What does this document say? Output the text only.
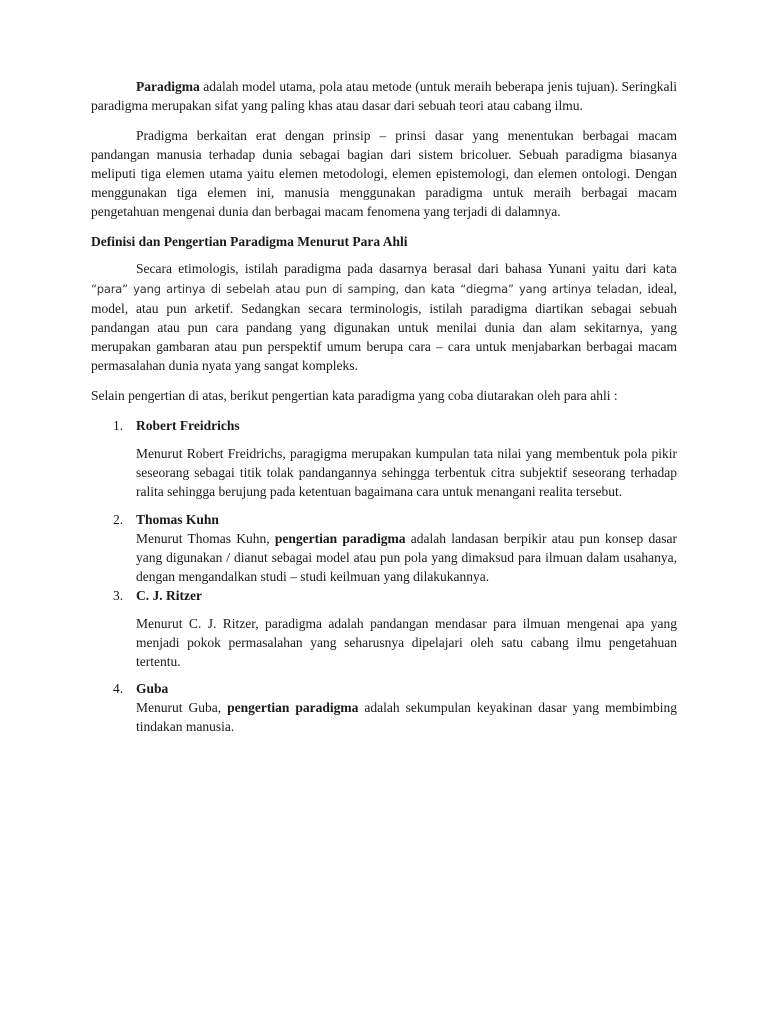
Paradigma adalah model utama, pola atau metode (untuk meraih beberapa jenis tujuan). Seringkali paradigma merupakan sifat yang paling khas atau dasar dari sebuah teori atau cabang ilmu.

Pradigma berkaitan erat dengan prinsip – prinsi dasar yang menentukan berbagai macam pandangan manusia terhadap dunia sebagai bagian dari sistem bricoluer. Sebuah paradigma biasanya meliputi tiga elemen utama yaitu elemen metodologi, elemen epistemologi, dan elemen ontologi. Dengan menggunakan tiga elemen ini, manusia menggunakan paradigma untuk meraih berbagai macam pengetahuan mengenai dunia dan berbagai macam fenomena yang terjadi di dalamnya.

Definisi dan Pengertian Paradigma Menurut Para Ahli

Secara etimologis, istilah paradigma pada dasarnya berasal dari bahasa Yunani yaitu dari kata “para” yang artinya di sebelah atau pun di samping, dan kata “diegma” yang artinya teladan, ideal, model, atau pun arketif. Sedangkan secara terminologis, istilah paradigma diartikan sebagai sebuah pandangan atau pun cara pandang yang digunakan untuk menilai dunia dan alam sekitarnya, yang merupakan gambaran atau pun perspektif umum berupa cara – cara untuk menjabarkan berbagai macam permasalahan dunia nyata yang sangat kompleks.

Selain pengertian di atas, berikut pengertian kata paradigma yang coba diutarakan oleh para ahli :

1. Robert Freidrichs

Menurut Robert Freidrichs, paragigma merupakan kumpulan tata nilai yang membentuk pola pikir seseorang sebagai titik tolak pandangannya sehingga terbentuk citra subjektif seseorang terhadap ralita sehingga berujung pada ketentuan bagaimana cara untuk menangani realita tersebut.

2. Thomas Kuhn

Menurut Thomas Kuhn, pengertian paradigma adalah landasan berpikir atau pun konsep dasar yang digunakan / dianut sebagai model atau pun pola yang dimaksud para ilmuan dalam usahanya, dengan mengandalkan studi – studi keilmuan yang dilakukannya.

3. C. J. Ritzer

Menurut C. J. Ritzer, paradigma adalah pandangan mendasar para ilmuan mengenai apa yang menjadi pokok permasalahan yang seharusnya dipelajari oleh satu cabang ilmu pengetahuan tertentu.

4. Guba

Menurut Guba, pengertian paradigma adalah sekumpulan keyakinan dasar yang membimbing tindakan manusia.
